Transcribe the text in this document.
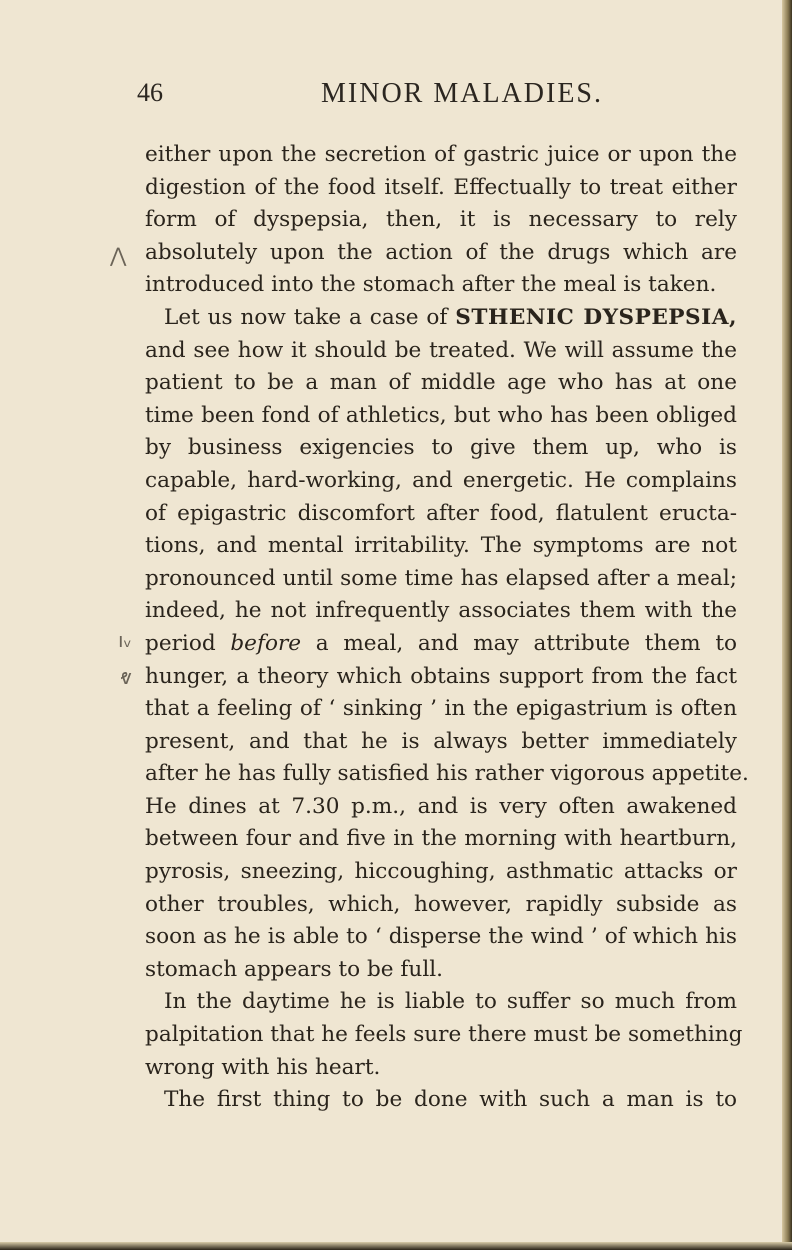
46	MINOR MALADIES.
⋀
ıᵥ
ⱴ
either upon the secretion of gastric juice or upon the
digestion of the food itself. Effectually to treat either
form of dyspepsia, then, it is necessary to rely
absolutely upon the action of the drugs which are
introduced into the stomach after the meal is taken.
Let us now take a case of STHENIC DYSPEPSIA,
and see how it should be treated. We will assume the
patient to be a man of middle age who has at one
time been fond of athletics, but who has been obliged
by business exigencies to give them up, who is
capable, hard-working, and energetic. He complains
of epigastric discomfort after food, flatulent eructa-
tions, and mental irritability. The symptoms are not
pronounced until some time has elapsed after a meal;
indeed, he not infrequently associates them with the
period before a meal, and may attribute them to
hunger, a theory which obtains support from the fact
that a feeling of ‘ sinking ’ in the epigastrium is often
present, and that he is always better immediately
after he has fully satisfied his rather vigorous appetite.
He dines at 7.30 p.m., and is very often awakened
between four and five in the morning with heartburn,
pyrosis, sneezing, hiccoughing, asthmatic attacks or
other troubles, which, however, rapidly subside as
soon as he is able to ‘ disperse the wind ’ of which his
stomach appears to be full.
In the daytime he is liable to suffer so much from
palpitation that he feels sure there must be something
wrong with his heart.
The first thing to be done with such a man is to
